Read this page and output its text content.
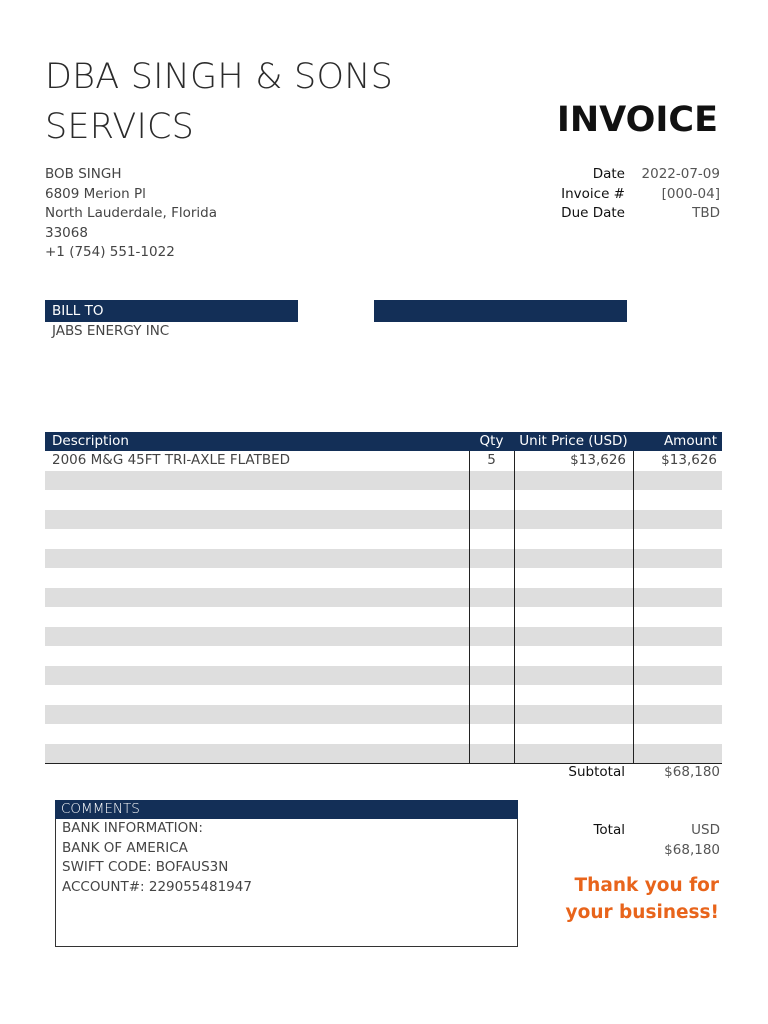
DBA SINGH & SONS
SERVICS	INVOICE
BOB SINGH
6809 Merion Pl
North Lauderdale, Florida
33068
+1 (754) 551-1022
Date	2022-07-09
Invoice #	[000-04]
Due Date	TBD
BILL TO
JABS ENERGY INC
Description	Qty	Unit Price (USD)	Amount
2006 M&G 45FT TRI-AXLE FLATBED	5	$13,626	$13,626
Subtotal	$68,180
COMMENTS
BANK INFORMATION:
BANK OF AMERICA
SWIFT CODE: BOFAUS3N
ACCOUNT#: 229055481947
Total	USD
$68,180
Thank you for
your business!
